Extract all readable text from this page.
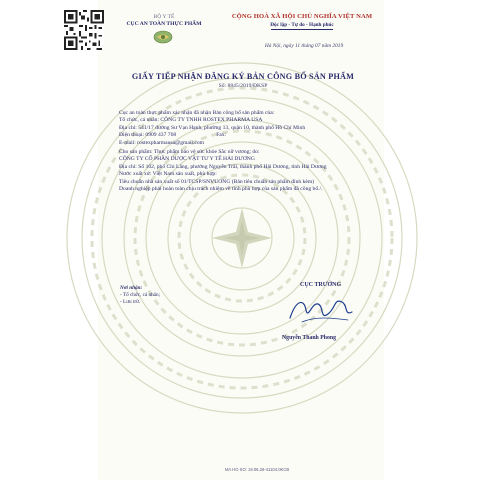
BỘ Y TẾ
CỤC AN TOÀN THỰC PHẨM
CỘNG HOÀ XÃ HỘI CHỦ NGHĨA VIỆT NAM
Độc lập - Tự do - Hạnh phúc
Hà Nội, ngày 11 tháng 07 năm 2019
GIẤY TIẾP NHẬN ĐĂNG KÝ BẢN CÔNG BỐ SẢN PHẨM
Số: 8845/2019/ĐKSP
Cục an toàn thực phẩm xác nhận đã nhận Bản công bố sản phẩm của:
Tổ chức, cá nhân: CÔNG TY TNHH ROSTEX PHARMA USA
Địa chỉ: 541/17 đường Sư Vạn Hạnh, phường 13, quận 10, thành phố Hồ Chí Minh
Điện thoại: 0909 437 768	Fax:
E-mail: rostexpharmausa@gmail.com
Cho sản phẩm: Thực phẩm bảo vệ sức khỏe Sắc nữ vương; do:
CÔNG TY CỔ PHẦN DƯỢC VẬT TƯ Y TẾ HẢI DƯƠNG
Địa chỉ: Số 102, phố Chi Lăng, phường Nguyễn Trãi, thành phố Hải Dương, tỉnh Hải Dương
Nước xuất xứ: Việt Nam sản xuất, phù hợp:
Tiêu chuẩn nhà sản xuất số 01/TCSP/SNVUONG (Bản tiêu chuẩn sản phẩm đính kèm)
Doanh nghiệp phải hoàn toàn chịu trách nhiệm về tính phù hợp của sản phẩm đã công bố./.
Nơi nhận:
- Tổ chức, cá nhân;
- Lưu trữ.
CỤC TRƯỞNG
Nguyễn Thanh Phong
MA HO SO: 19.06.26-41104.0KCB
